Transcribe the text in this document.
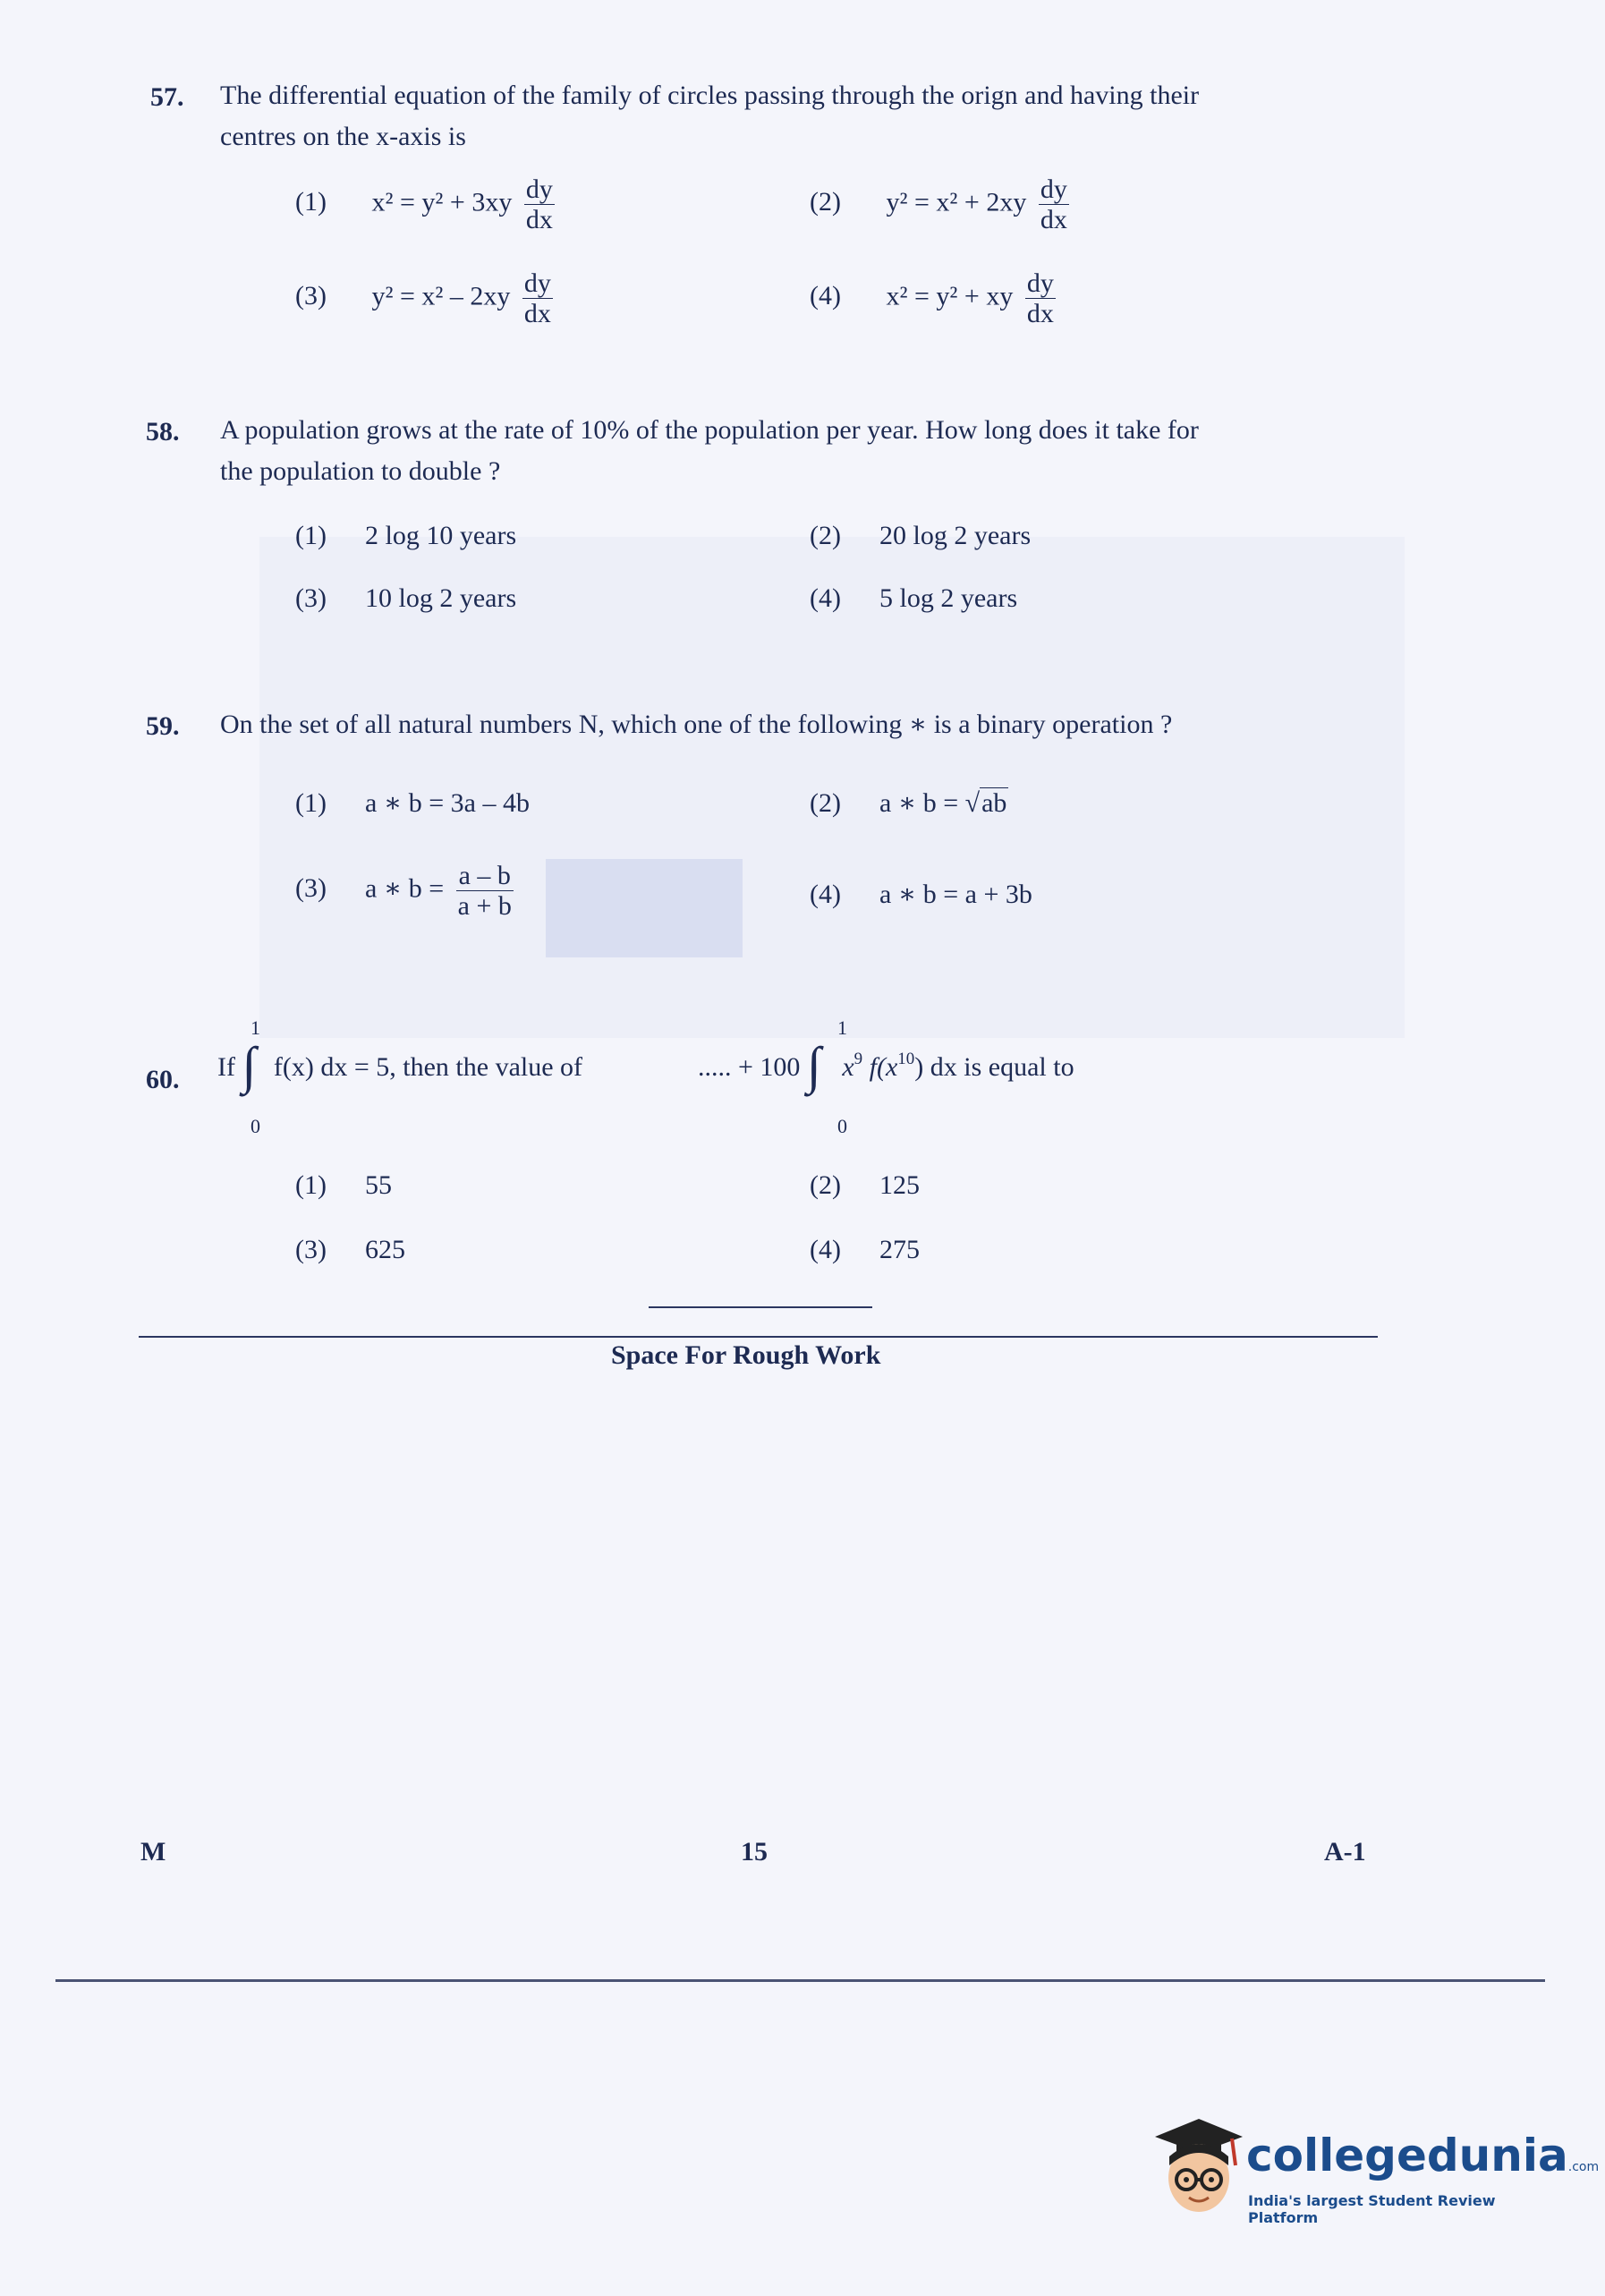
57. The differential equation of the family of circles passing through the orign and having their
centres on the x-axis is
(1) $x^2 = y^2 + 3xy \frac{dy}{dx}$	(2) $y^2 = x^2 + 2xy \frac{dy}{dx}$
(3) $y^2 = x^2 - 2xy \frac{dy}{dx}$	(4) x² = y² + xy $\frac{dy}{dx}$
58. A population grows at the rate of 10% of the population per year. How long does it take for
the population to double ?
(1) 2 log 10 years	(2) 20 log 2 years
(3) 10 log 2 years	(4) 5 log 2 years
59. On the set of all natural numbers N, which one of the following ∗ is a binary operation ?
(1) a ∗ b = 3a – 4b	(2) a ∗ b = √ab
(3) a ∗ $b = \frac{a - b}{a + b}$	(4) a ∗ b = a + 3b
60. If ∫ f(x) dx = 5, then the value of
1
0
..... + 100 ∫ $x^9$ $f(x^{10})$ dx is equal to
1
0
(1) 55	(2) 125
(3) 625	(4) 275
Space For Rough Work
M	15	A-1
collegedunia.com
India's largest Student Review Platform
